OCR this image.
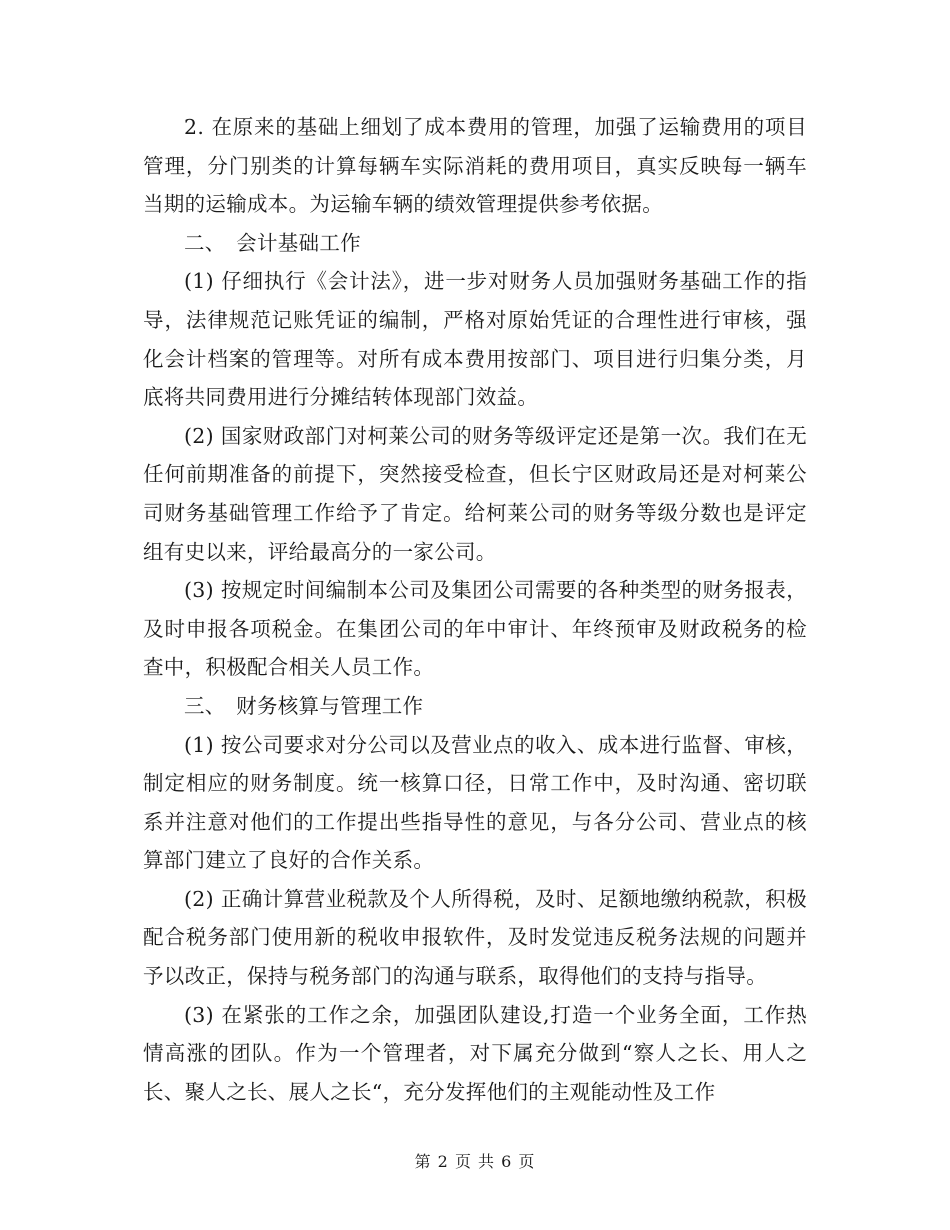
2. 在原来的基础上细划了成本费用的管理，加强了运输费用的项目管理，分门别类的计算每辆车实际消耗的费用项目，真实反映每一辆车当期的运输成本。为运输车辆的绩效管理提供参考依据。

二、　会计基础工作

(1) 仔细执行《会计法》，进一步对财务人员加强财务基础工作的指导，法律规范记账凭证的编制，严格对原始凭证的合理性进行审核，强化会计档案的管理等。对所有成本费用按部门、项目进行归集分类，月底将共同费用进行分摊结转体现部门效益。

(2) 国家财政部门对柯莱公司的财务等级评定还是第一次。我们在无任何前期准备的前提下，突然接受检查，但长宁区财政局还是对柯莱公司财务基础管理工作给予了肯定。给柯莱公司的财务等级分数也是评定组有史以来，评给最高分的一家公司。

(3) 按规定时间编制本公司及集团公司需要的各种类型的财务报表，及时申报各项税金。在集团公司的年中审计、年终预审及财政税务的检查中，积极配合相关人员工作。

三、　财务核算与管理工作

(1) 按公司要求对分公司以及营业点的收入、成本进行监督、审核，制定相应的财务制度。统一核算口径，日常工作中，及时沟通、密切联系并注意对他们的工作提出些指导性的意见，与各分公司、营业点的核算部门建立了良好的合作关系。

(2) 正确计算营业税款及个人所得税，及时、足额地缴纳税款，积极配合税务部门使用新的税收申报软件，及时发觉违反税务法规的问题并予以改正，保持与税务部门的沟通与联系，取得他们的支持与指导。

(3) 在紧张的工作之余，加强团队建设,打造一个业务全面，工作热情高涨的团队。作为一个管理者，对下属充分做到“察人之长、用人之长、聚人之长、展人之长“，充分发挥他们的主观能动性及工作

第 2 页 共 6 页
